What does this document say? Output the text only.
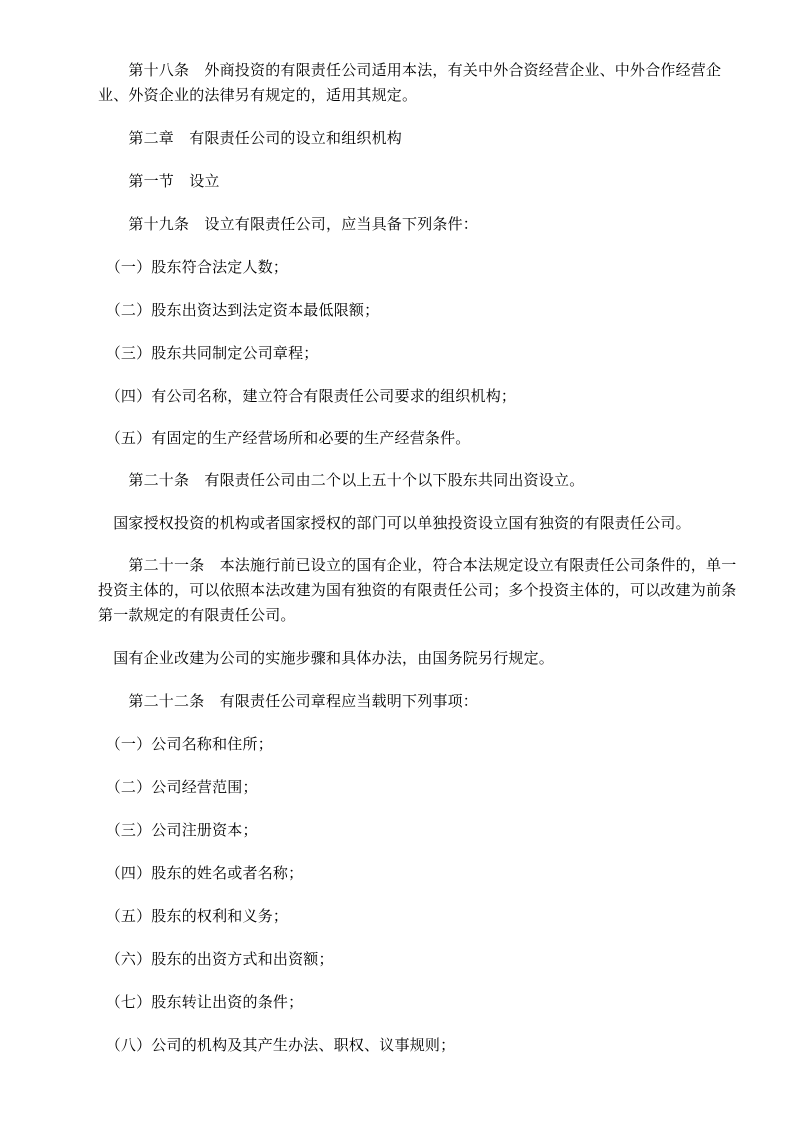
　　第十八条　外商投资的有限责任公司适用本法，有关中外合资经营企业、中外合作经营企业、外资企业的法律另有规定的，适用其规定。
　　第二章　有限责任公司的设立和组织机构
　　第一节　设立
　　第十九条　设立有限责任公司，应当具备下列条件：
　（一）股东符合法定人数；
　（二）股东出资达到法定资本最低限额；
　（三）股东共同制定公司章程；
　（四）有公司名称，建立符合有限责任公司要求的组织机构；
　（五）有固定的生产经营场所和必要的生产经营条件。
　　第二十条　有限责任公司由二个以上五十个以下股东共同出资设立。
　国家授权投资的机构或者国家授权的部门可以单独投资设立国有独资的有限责任公司。
　　第二十一条　本法施行前已设立的国有企业，符合本法规定设立有限责任公司条件的，单一投资主体的，可以依照本法改建为国有独资的有限责任公司；多个投资主体的，可以改建为前条第一款规定的有限责任公司。
　国有企业改建为公司的实施步骤和具体办法，由国务院另行规定。
　　第二十二条　有限责任公司章程应当载明下列事项：
　（一）公司名称和住所；
　（二）公司经营范围；
　（三）公司注册资本；
　（四）股东的姓名或者名称；
　（五）股东的权利和义务；
　（六）股东的出资方式和出资额；
　（七）股东转让出资的条件；
　（八）公司的机构及其产生办法、职权、议事规则；
